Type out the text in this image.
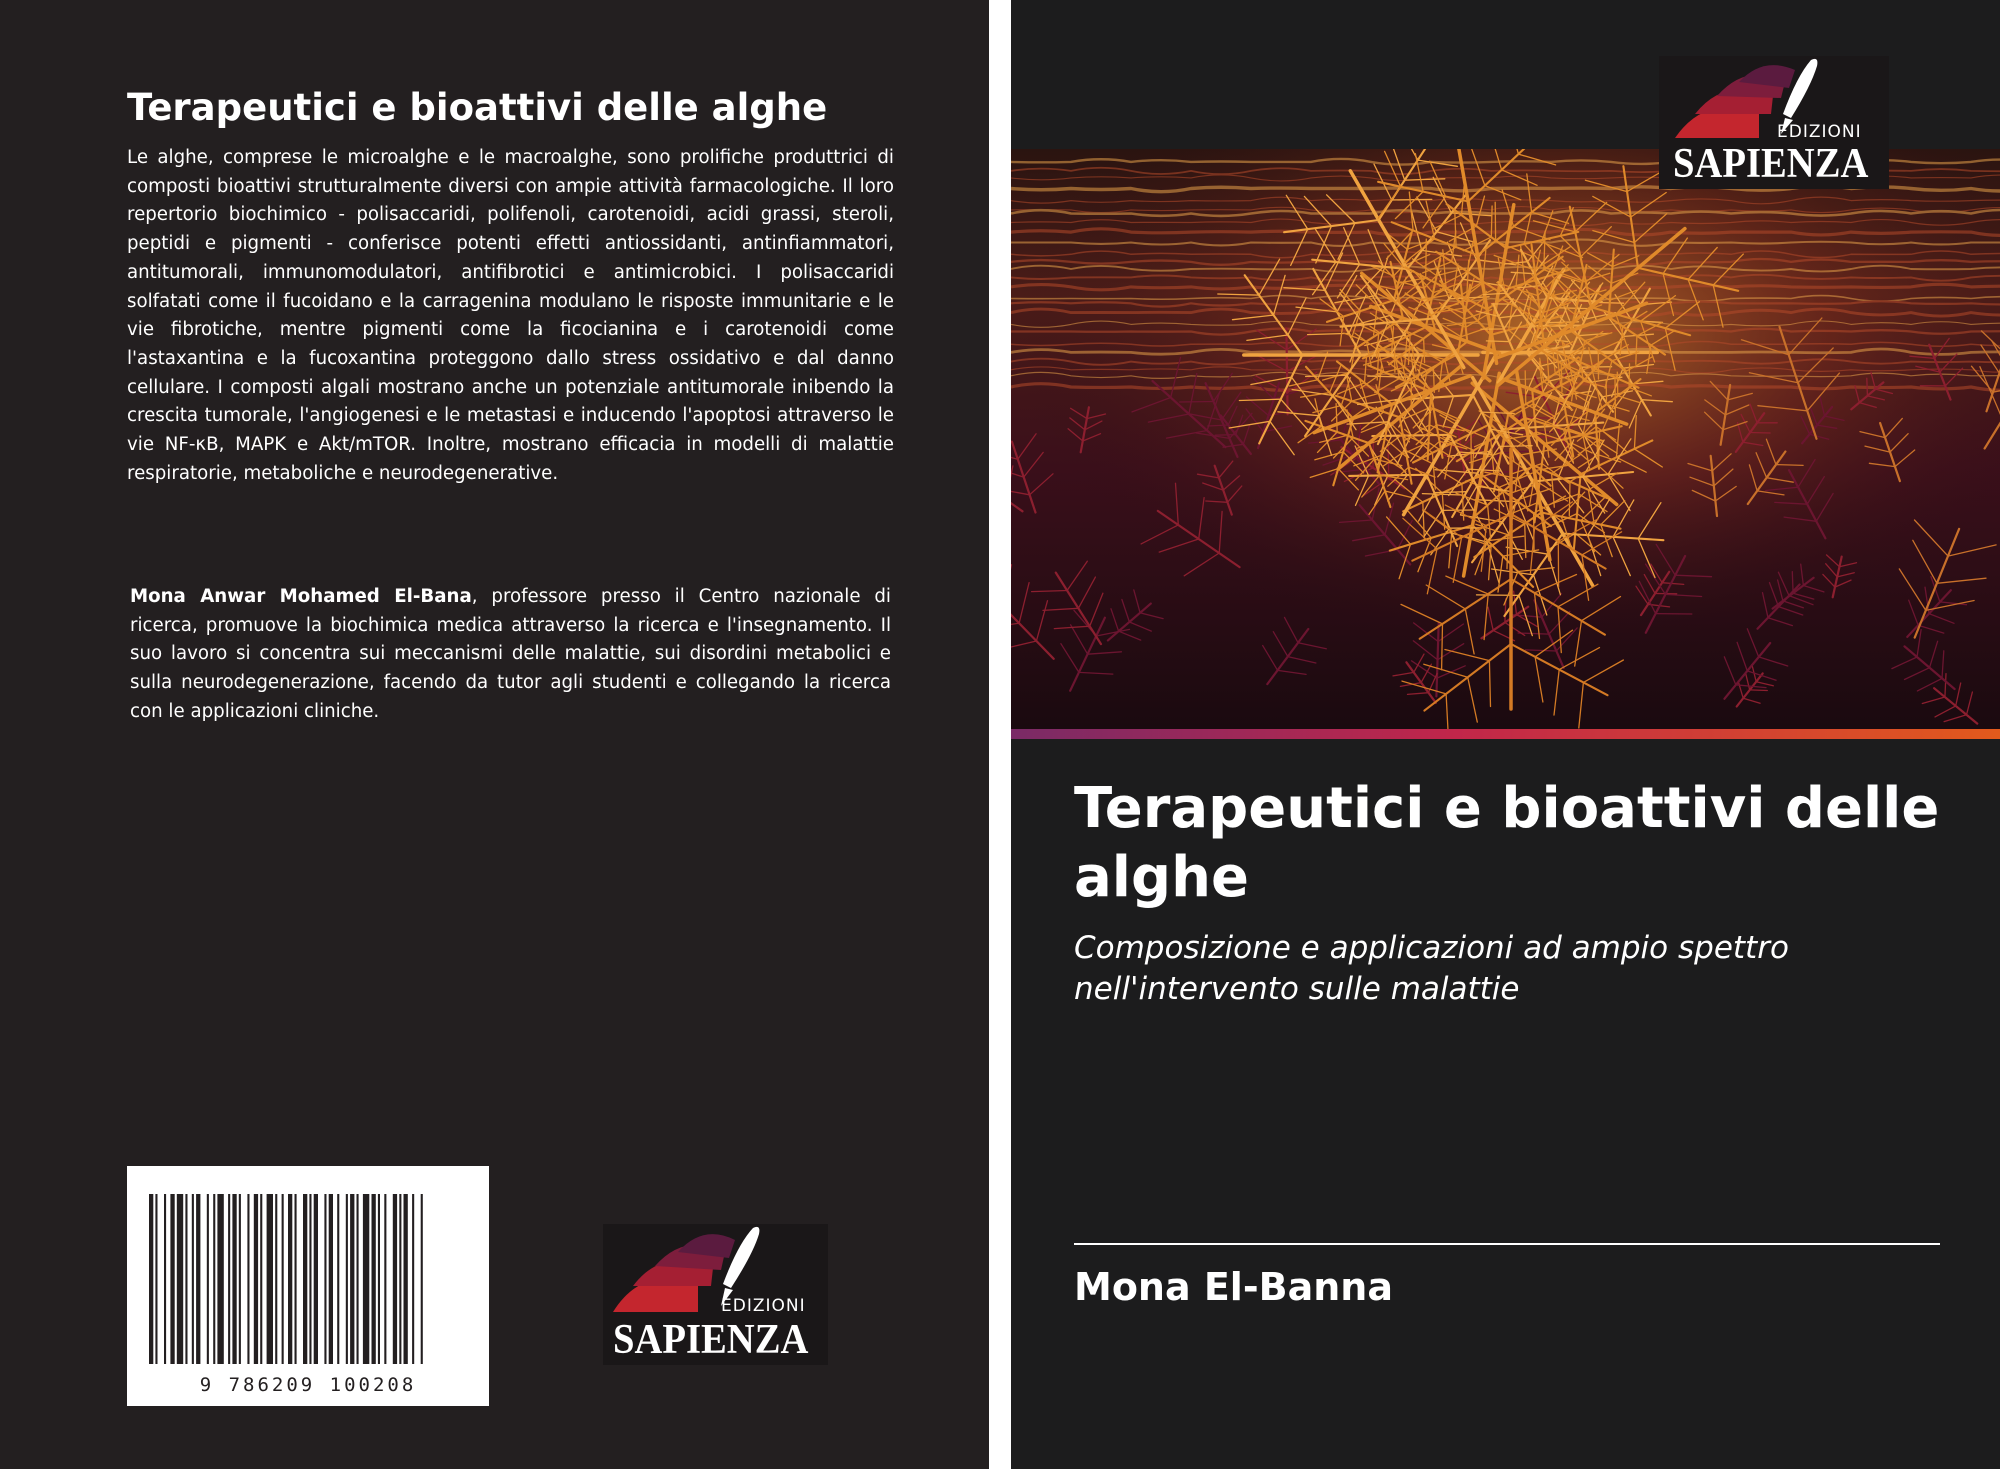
Terapeutici e bioattivi delle alghe
Le alghe, comprese le microalghe e le macroalghe, sono prolifiche produttrici di composti bioattivi strutturalmente diversi con ampie attività farmacologiche. Il loro repertorio biochimico - polisaccaridi, polifenoli, carotenoidi, acidi grassi, steroli, peptidi e pigmenti - conferisce potenti effetti antiossidanti, antinfiammatori, antitumorali, immunomodulatori, antifibrotici e antimicrobici. I polisaccaridi solfatati come il fucoidano e la carragenina modulano le risposte immunitarie e le vie fibrotiche, mentre pigmenti come la ficocianina e i carotenoidi come l'astaxantina e la fucoxantina proteggono dallo stress ossidativo e dal danno cellulare. I composti algali mostrano anche un potenziale antitumorale inibendo la crescita tumorale, l'angiogenesi e le metastasi e inducendo l'apoptosi attraverso le vie NF-κB, MAPK e Akt/mTOR. Inoltre, mostrano efficacia in modelli di malattie respiratorie, metaboliche e neurodegenerative.
Mona Anwar Mohamed El-Bana, professore presso il Centro nazionale di ricerca, promuove la biochimica medica attraverso la ricerca e l'insegnamento. Il suo lavoro si concentra sui meccanismi delle malattie, sui disordini metabolici e sulla neurodegenerazione, facendo da tutor agli studenti e collegando la ricerca con le applicazioni cliniche.
9 786209 100208
EDIZIONI
SAPIENZA
EDIZIONI
SAPIENZA
Terapeutici e bioattivi delle alghe
Composizione e applicazioni ad ampio spettro nell'intervento sulle malattie
Mona El-Banna
